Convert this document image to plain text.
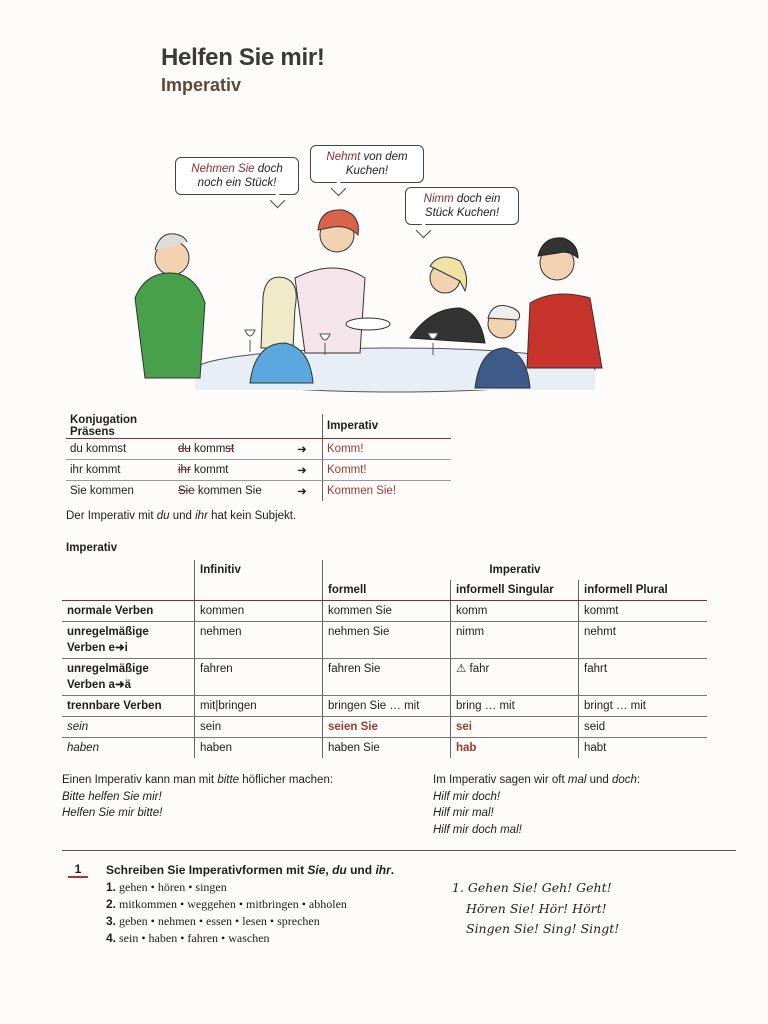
Helfen Sie mir!
Imperativ
Nehmen Sie doch
noch ein Stück!
Nehmt von dem
Kuchen!
Nimm doch ein
Stück Kuchen!
Konjugation Präsens			Imperativ
du kommst	du kommst	➜	Komm!
ihr kommt	ihr kommt	➜	Kommt!
Sie kommen	Sie kommen Sie	➜	Kommen Sie!
Der Imperativ mit du und ihr hat kein Subjekt.
Imperativ
	Infinitiv	Imperativ		
		formell	informell Singular	informell Plural
normale Verben	kommen	kommen Sie	komm	kommt
unregelmäßige
Verben e➜i	nehmen	nehmen Sie	nimm	nehmt
unregelmäßige
Verben a➜ä	fahren	fahren Sie	⚠ fahr	fahrt
trennbare Verben	mit|bringen	bringen Sie … mit	bring … mit	bringt … mit
sein	sein	seien Sie	sei	seid
haben	haben	haben Sie	hab	habt
Einen Imperativ kann man mit bitte höflicher machen:
Bitte helfen Sie mir!
Helfen Sie mir bitte!
Im Imperativ sagen wir oft mal und doch:
Hilf mir doch!
Hilf mir mal!
Hilf mir doch mal!
1	Schreiben Sie Imperativformen mit Sie, du und ihr.
1. gehen • hören • singen
2. mitkommen • weggehen • mitbringen • abholen
3. geben • nehmen • essen • lesen • sprechen
4. sein • haben • fahren • waschen
1. Gehen Sie! Geh! Geht!
Hören Sie! Hör! Hört!
Singen Sie! Sing! Singt!
